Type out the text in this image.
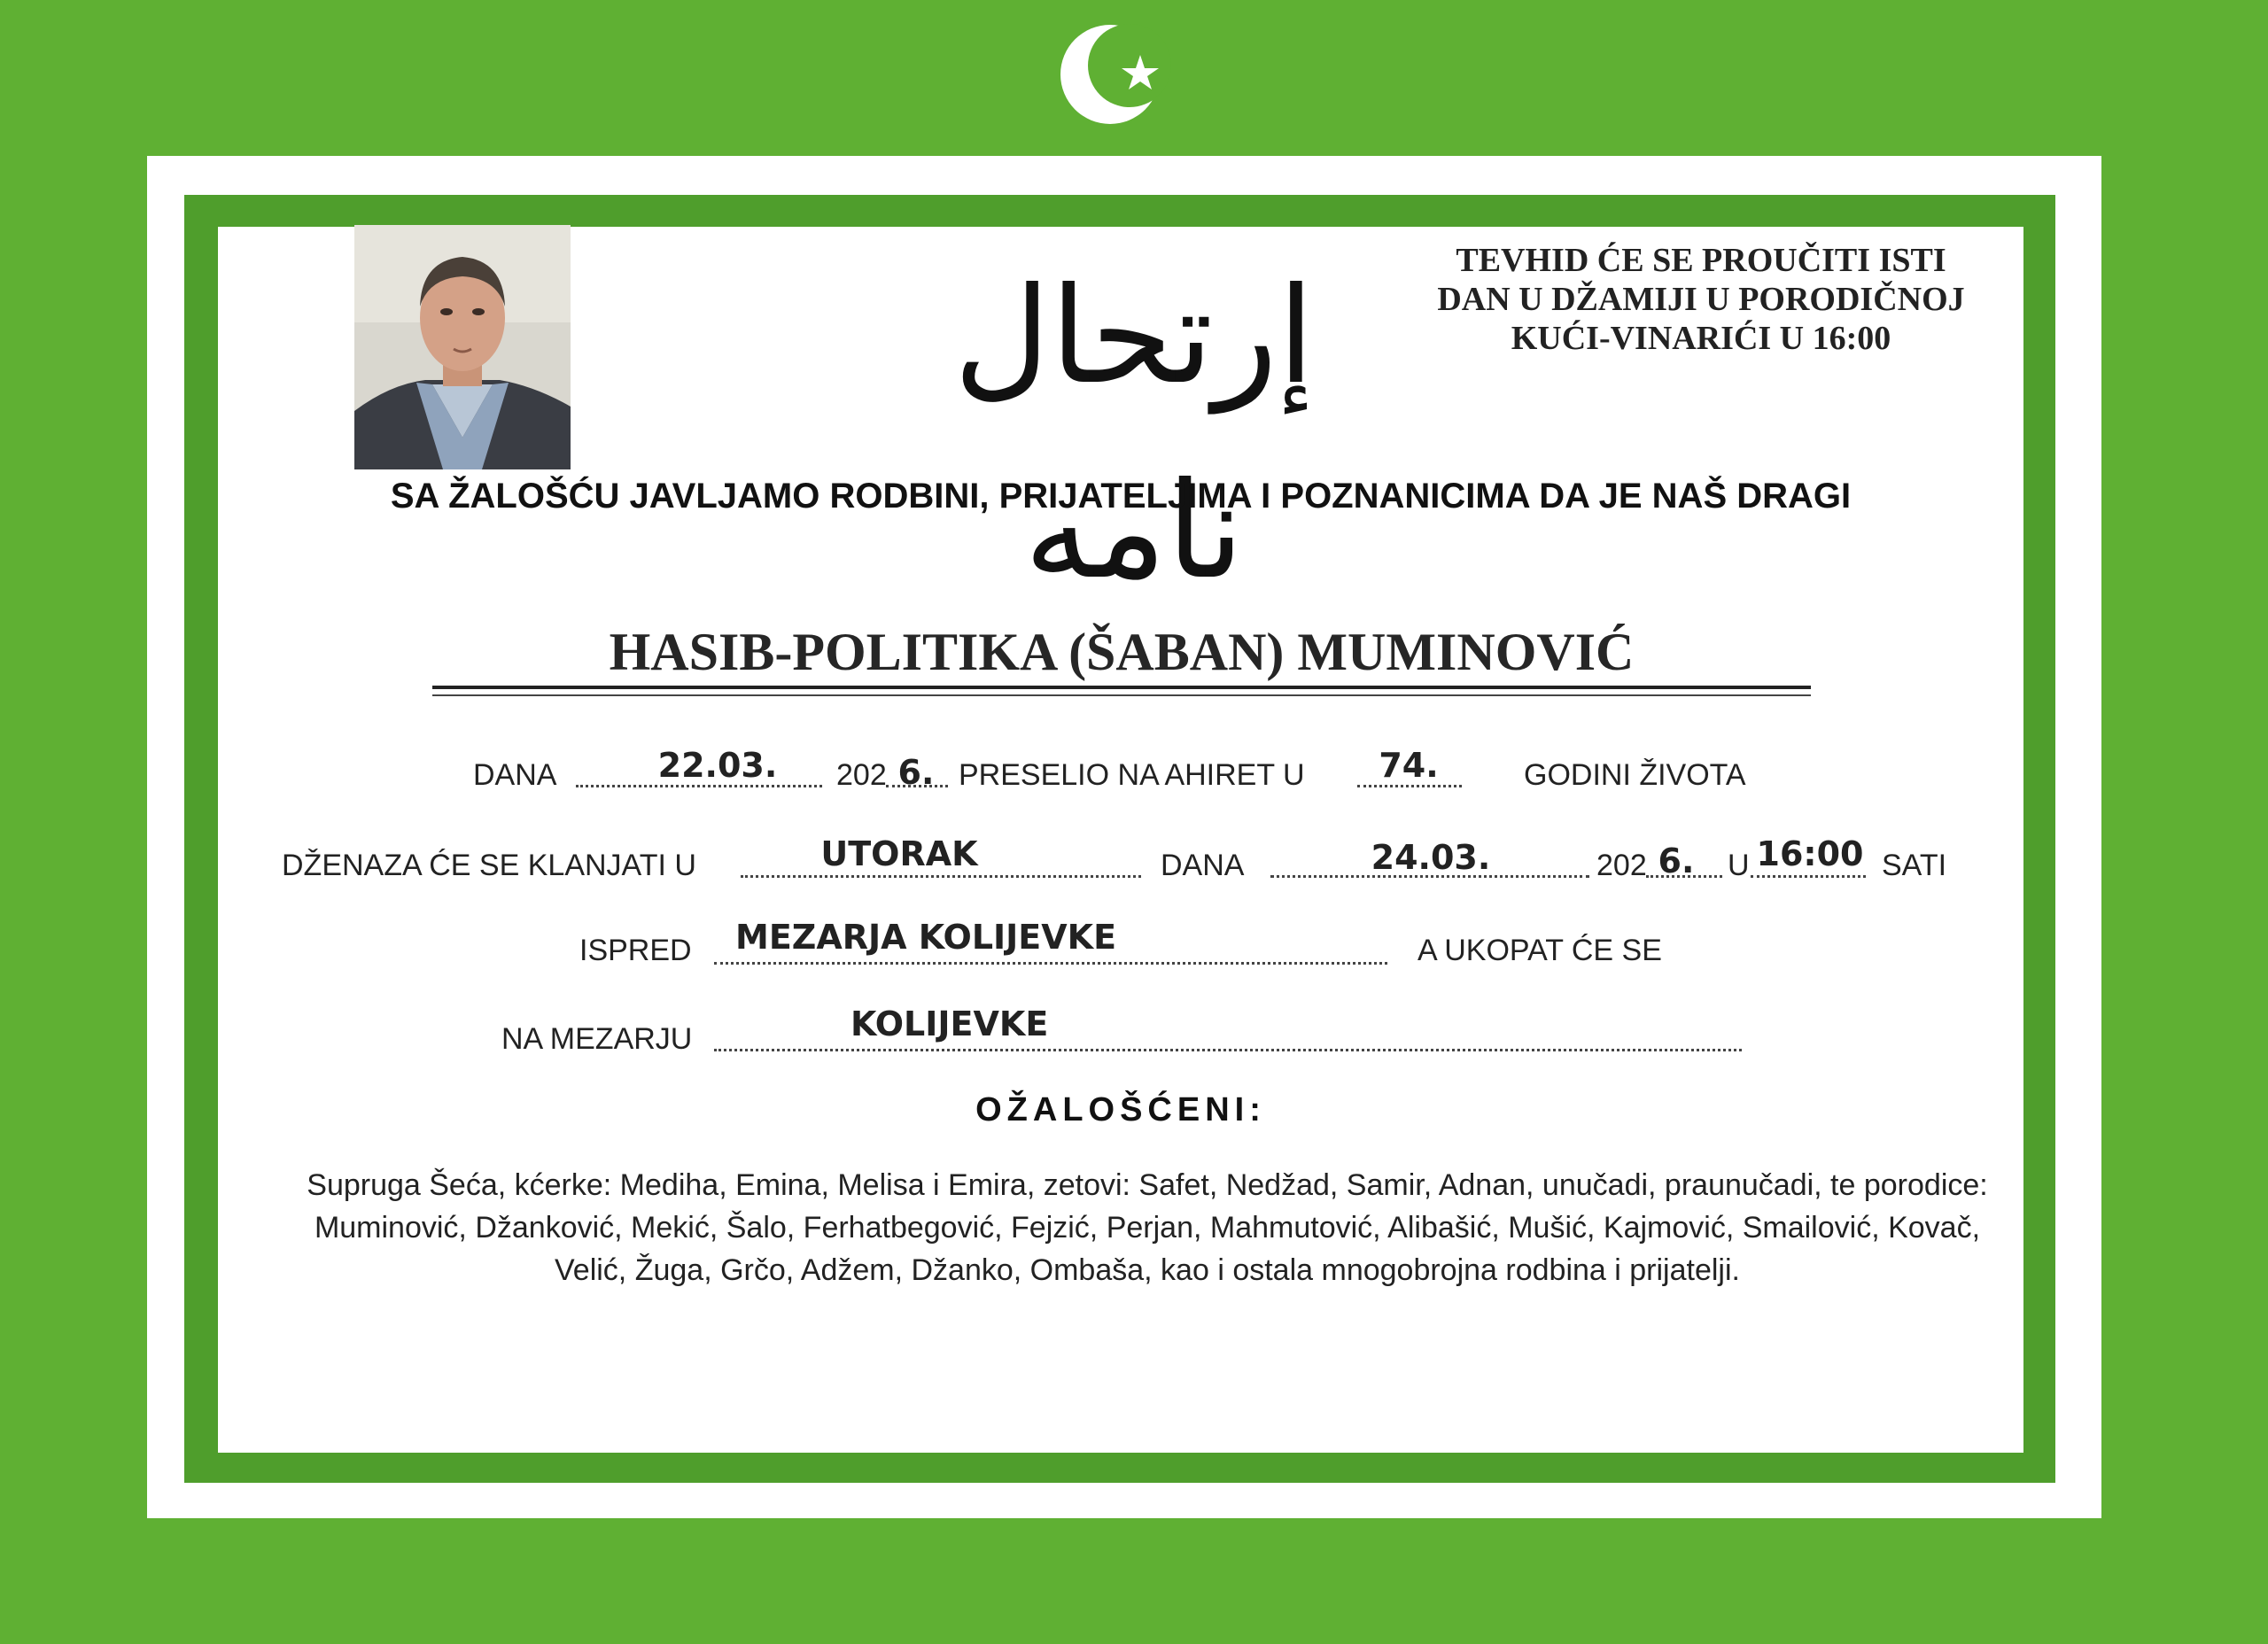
إرتحال نامه
TEVHID ĆE SE PROUČITI ISTI
DAN U DŽAMIJI U PORODIČNOJ
KUĆI-VINARIĆI U 16:00
SA ŽALOŠĆU JAVLJAMO RODBINI, PRIJATELJIMA I POZNANICIMA DA JE NAŠ DRAGI
HASIB-POLITIKA (ŠABAN) MUMINOVIĆ
DANA	22.03.	202 6. PRESELIO NA AHIRET U	74.	GODINI ŽIVOTA
DŽENAZA ĆE SE KLANJATI U	UTORAK	DANA	24.03.	202 6. U 16:00 SATI
ISPRED MEZARJA KOLIJEVKE	A UKOPAT ĆE SE
NA MEZARJU	KOLIJEVKE
OŽALOŠĆENI:
Supruga Šeća, kćerke: Mediha, Emina, Melisa i Emira, zetovi: Safet, Nedžad, Samir, Adnan, unučadi, praunučadi, te porodice: Muminović, Džanković, Mekić, Šalo, Ferhatbegović, Fejzić, Perjan, Mahmutović, Alibašić, Mušić, Kajmović, Smailović, Kovač, Velić, Žuga, Grčo, Adžem, Džanko, Ombaša, kao i ostala mnogobrojna rodbina i prijatelji.
